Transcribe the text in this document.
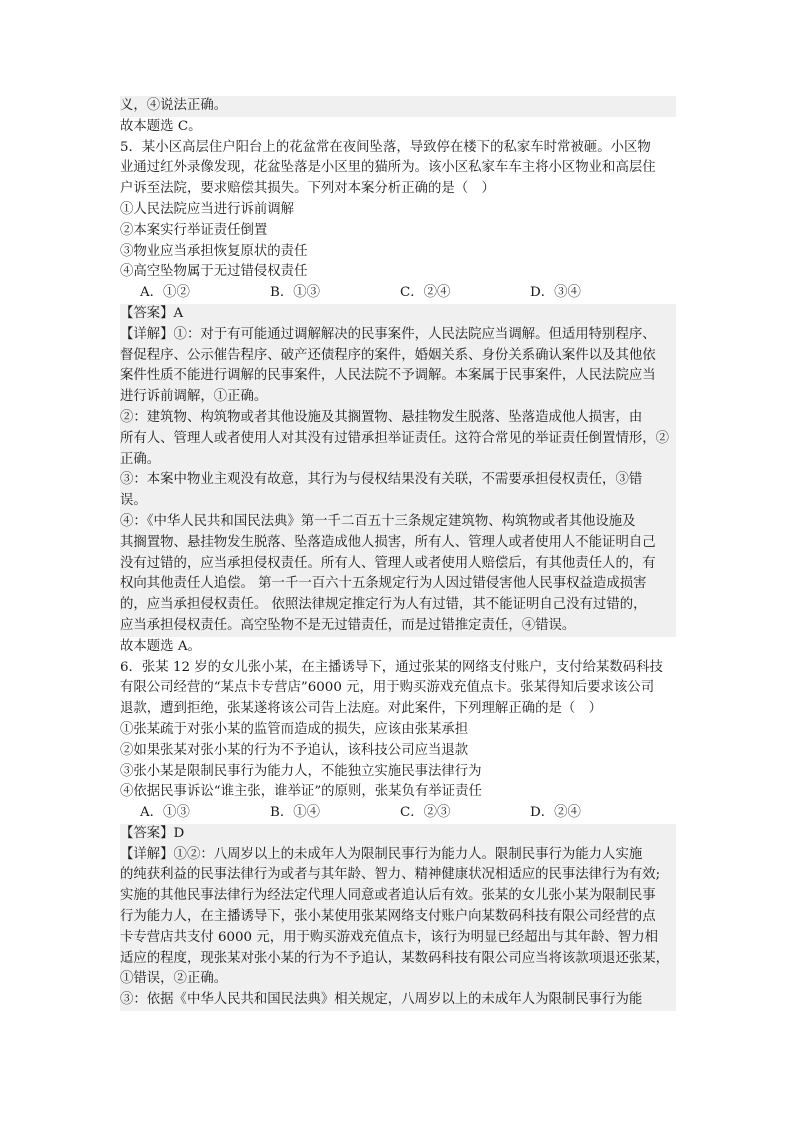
义，④说法正确。
故本题选 C。
5．某小区高层住户阳台上的花盆常在夜间坠落，导致停在楼下的私家车时常被砸。小区物
业通过红外录像发现，花盆坠落是小区里的猫所为。该小区私家车车主将小区物业和高层住
户诉至法院，要求赔偿其损失。下列对本案分析正确的是（　）
①人民法院应当进行诉前调解
②本案实行举证责任倒置
③物业应当承担恢复原状的责任
④高空坠物属于无过错侵权责任
A．①②	B．①③	C．②④	D．③④
【答案】A
【详解】①：对于有可能通过调解解决的民事案件，人民法院应当调解。但适用特别程序、
督促程序、公示催告程序、破产还债程序的案件，婚姻关系、身份关系确认案件以及其他依
案件性质不能进行调解的民事案件，人民法院不予调解。本案属于民事案件，人民法院应当
进行诉前调解，①正确。
②：建筑物、构筑物或者其他设施及其搁置物、悬挂物发生脱落、坠落造成他人损害，由
所有人、管理人或者使用人对其没有过错承担举证责任。这符合常见的举证责任倒置情形，②
正确。
③：本案中物业主观没有故意，其行为与侵权结果没有关联，不需要承担侵权责任，③错
误。
④：《中华人民共和国民法典》第一千二百五十三条规定建筑物、构筑物或者其他设施及
其搁置物、悬挂物发生脱落、坠落造成他人损害，所有人、管理人或者使用人不能证明自己
没有过错的，应当承担侵权责任。所有人、管理人或者使用人赔偿后，有其他责任人的，有
权向其他责任人追偿。 第一千一百六十五条规定行为人因过错侵害他人民事权益造成损害
的，应当承担侵权责任。 依照法律规定推定行为人有过错，其不能证明自己没有过错的，
应当承担侵权责任。高空坠物不是无过错责任，而是过错推定责任，④错误。
故本题选 A。
6．张某 12 岁的女儿张小某，在主播诱导下，通过张某的网络支付账户，支付给某数码科技
有限公司经营的“某点卡专营店”6000 元，用于购买游戏充值点卡。张某得知后要求该公司
退款，遭到拒绝，张某遂将该公司告上法庭。对此案件，下列理解正确的是（　）
①张某疏于对张小某的监管而造成的损失，应该由张某承担
②如果张某对张小某的行为不予追认，该科技公司应当退款
③张小某是限制民事行为能力人，不能独立实施民事法律行为
④依据民事诉讼“谁主张，谁举证”的原则，张某负有举证责任
A．①③	B．①④	C．②③	D．②④
【答案】D
【详解】①②：八周岁以上的未成年人为限制民事行为能力人。限制民事行为能力人实施
的纯获利益的民事法律行为或者与其年龄、智力、精神健康状况相适应的民事法律行为有效;
实施的其他民事法律行为经法定代理人同意或者追认后有效。张某的女儿张小某为限制民事
行为能力人，在主播诱导下，张小某使用张某网络支付账户向某数码科技有限公司经营的点
卡专营店共支付 6000 元，用于购买游戏充值点卡，该行为明显已经超出与其年龄、智力相
适应的程度，现张某对张小某的行为不予追认，某数码科技有限公司应当将该款项退还张某，
①错误，②正确。
③：依据《中华人民共和国民法典》相关规定，八周岁以上的未成年人为限制民事行为能
